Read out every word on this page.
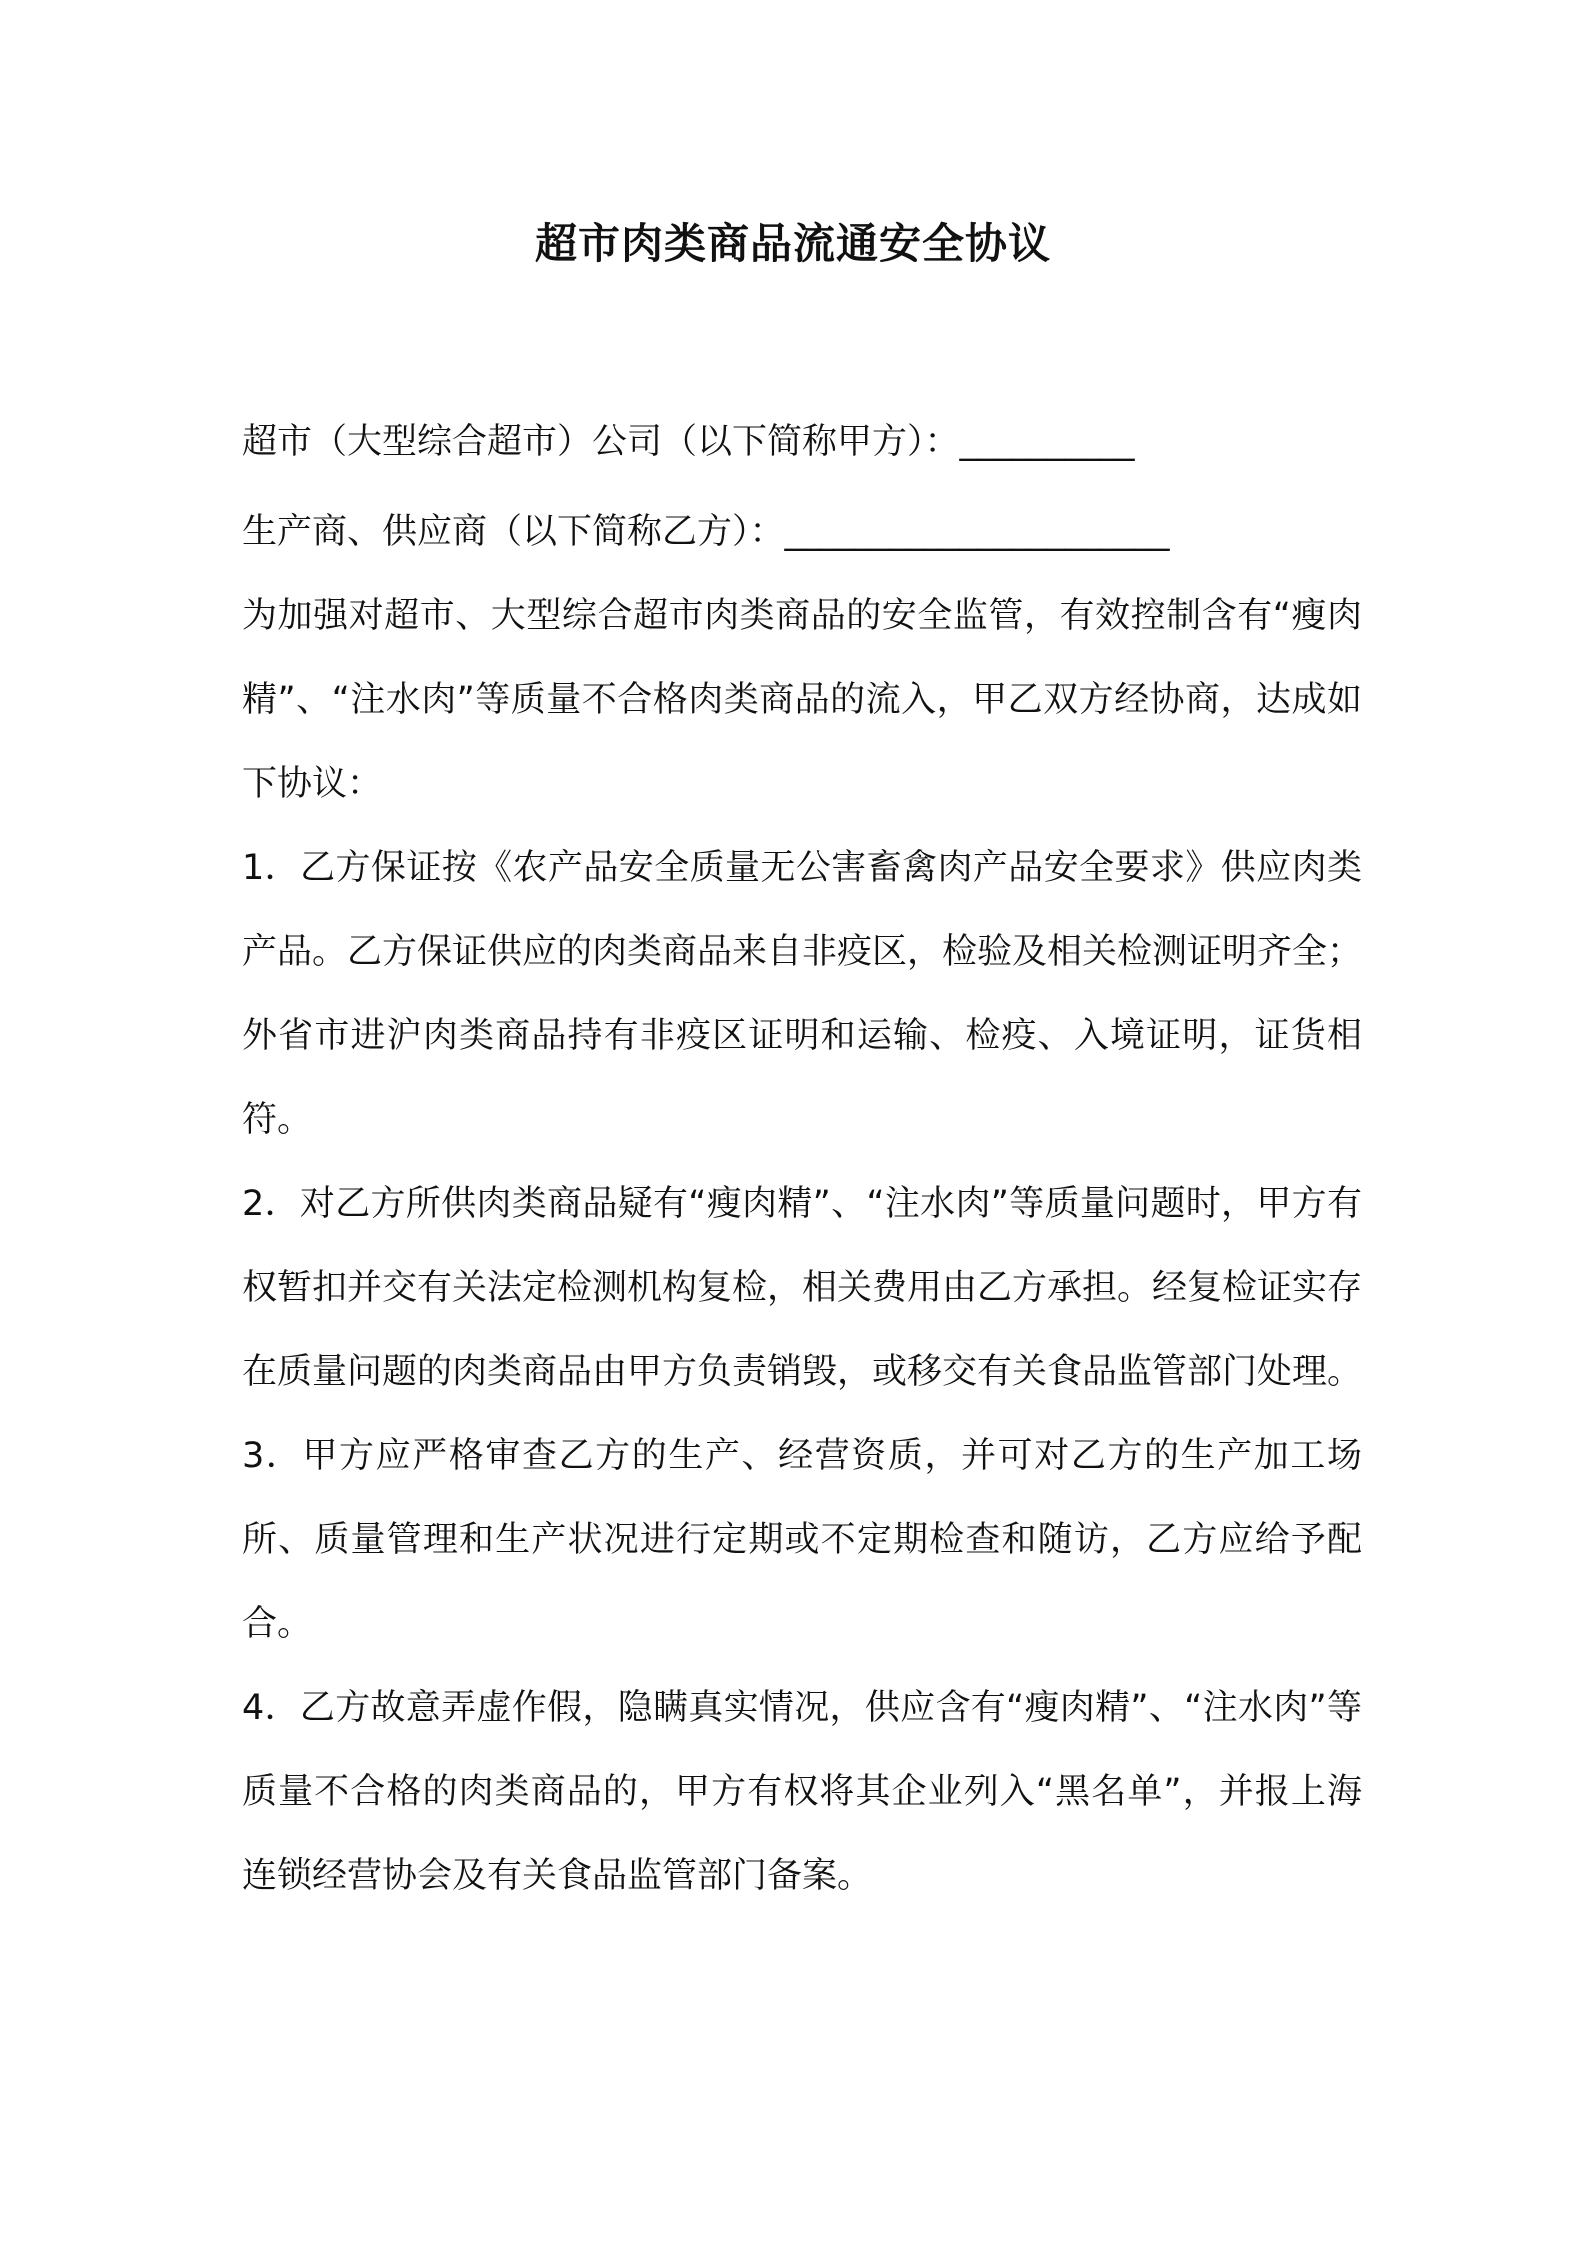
超市肉类商品流通安全协议
超市（大型综合超市）公司（以下简称甲方）：__________
生产商、供应商（以下简称乙方）：______________________
为加强对超市、大型综合超市肉类商品的安全监管，有效控制含有“瘦肉精”、“注水肉”等质量不合格肉类商品的流入，甲乙双方经协商，达成如下协议：
1．乙方保证按《农产品安全质量无公害畜禽肉产品安全要求》供应肉类产品。乙方保证供应的肉类商品来自非疫区，检验及相关检测证明齐全；外省市进沪肉类商品持有非疫区证明和运输、检疫、入境证明，证货相符。
2．对乙方所供肉类商品疑有“瘦肉精”、“注水肉”等质量问题时，甲方有权暂扣并交有关法定检测机构复检，相关费用由乙方承担。经复检证实存在质量问题的肉类商品由甲方负责销毁，或移交有关食品监管部门处理。
3．甲方应严格审查乙方的生产、经营资质，并可对乙方的生产加工场所、质量管理和生产状况进行定期或不定期检查和随访，乙方应给予配合。
4．乙方故意弄虚作假，隐瞒真实情况，供应含有“瘦肉精”、“注水肉”等质量不合格的肉类商品的，甲方有权将其企业列入“黑名单”，并报上海连锁经营协会及有关食品监管部门备案。
